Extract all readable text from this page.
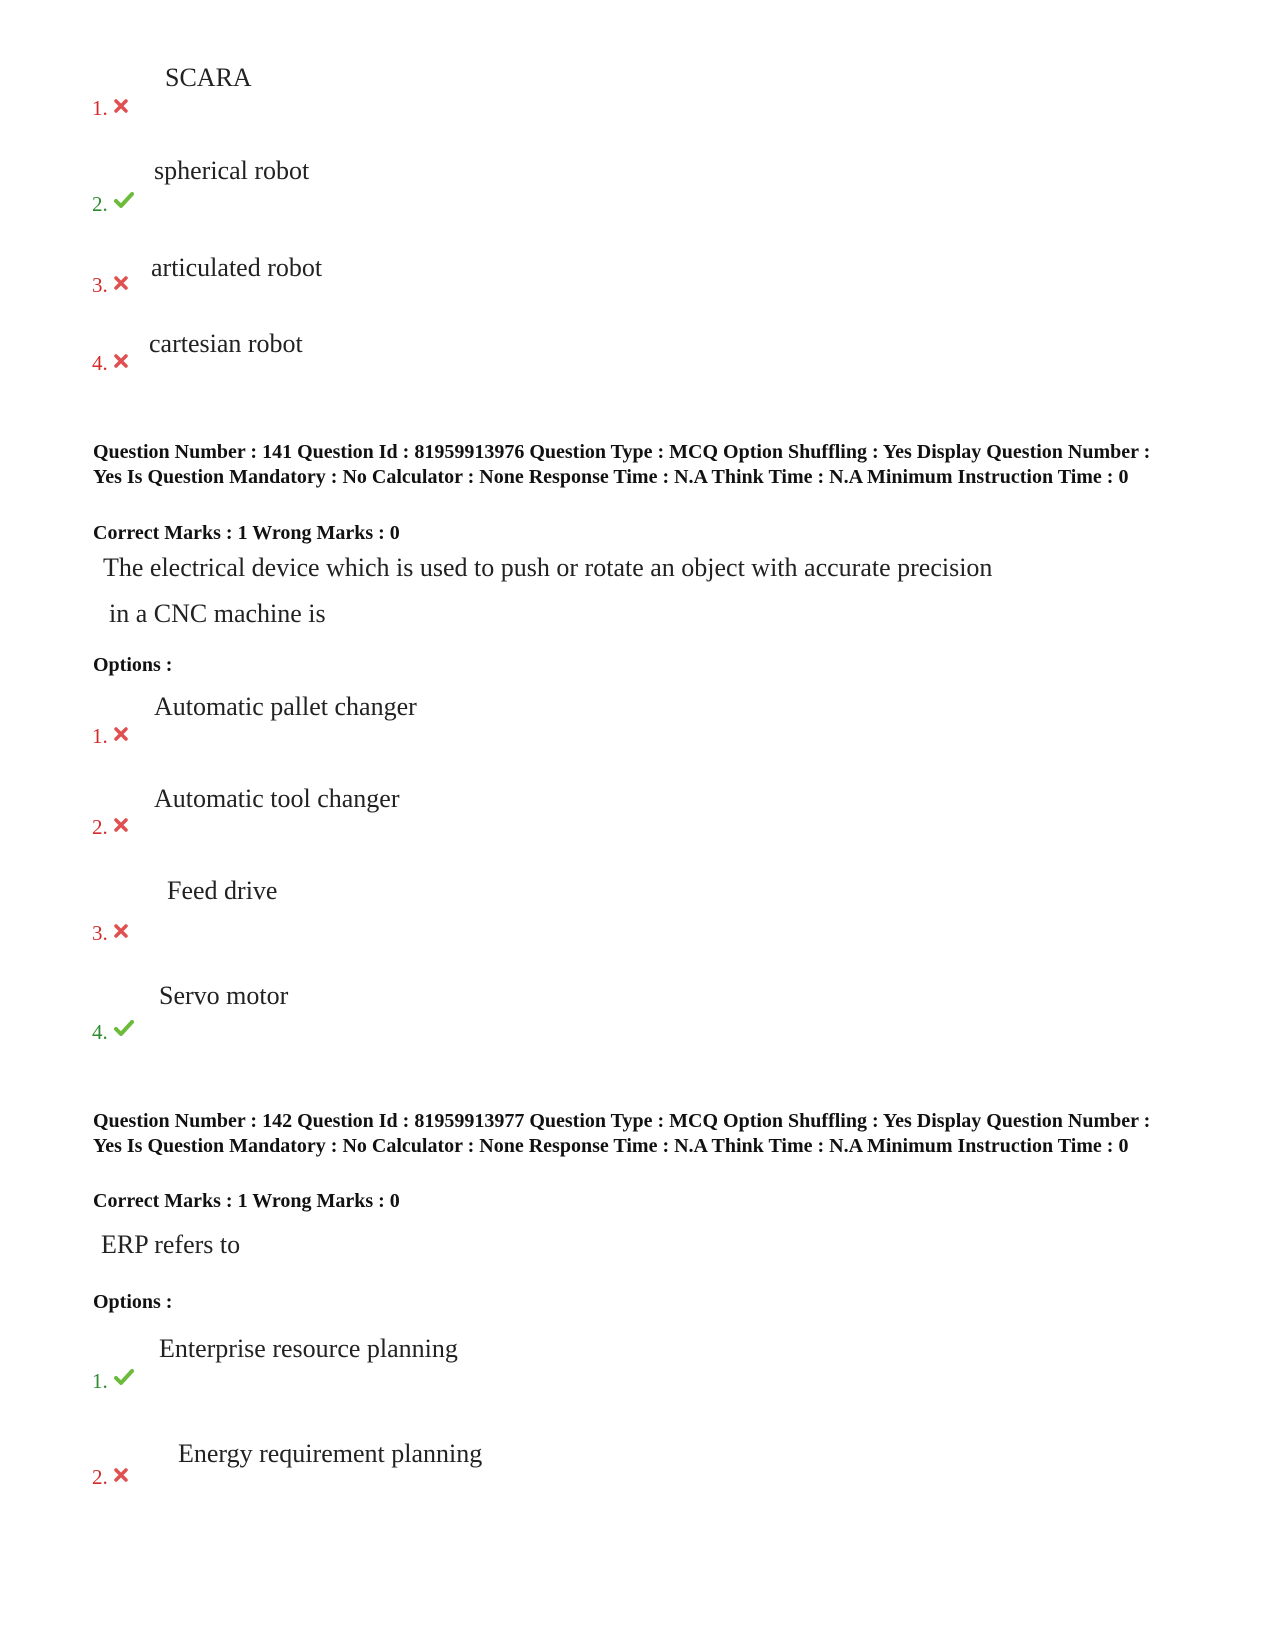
SCARA
1.
spherical robot
2.
articulated robot
3.
cartesian robot
4.
Question Number : 141 Question Id : 81959913976 Question Type : MCQ Option Shuffling : Yes Display Question Number : Yes Is Question Mandatory : No Calculator : None Response Time : N.A Think Time : N.A Minimum Instruction Time : 0
Correct Marks : 1 Wrong Marks : 0
The electrical device which is used to push or rotate an object with accurate precision
in a CNC machine is
Options :
Automatic pallet changer
1.
Automatic tool changer
2.
Feed drive
3.
Servo motor
4.
Question Number : 142 Question Id : 81959913977 Question Type : MCQ Option Shuffling : Yes Display Question Number : Yes Is Question Mandatory : No Calculator : None Response Time : N.A Think Time : N.A Minimum Instruction Time : 0
Correct Marks : 1 Wrong Marks : 0
ERP refers to
Options :
Enterprise resource planning
1.
Energy requirement planning
2.
